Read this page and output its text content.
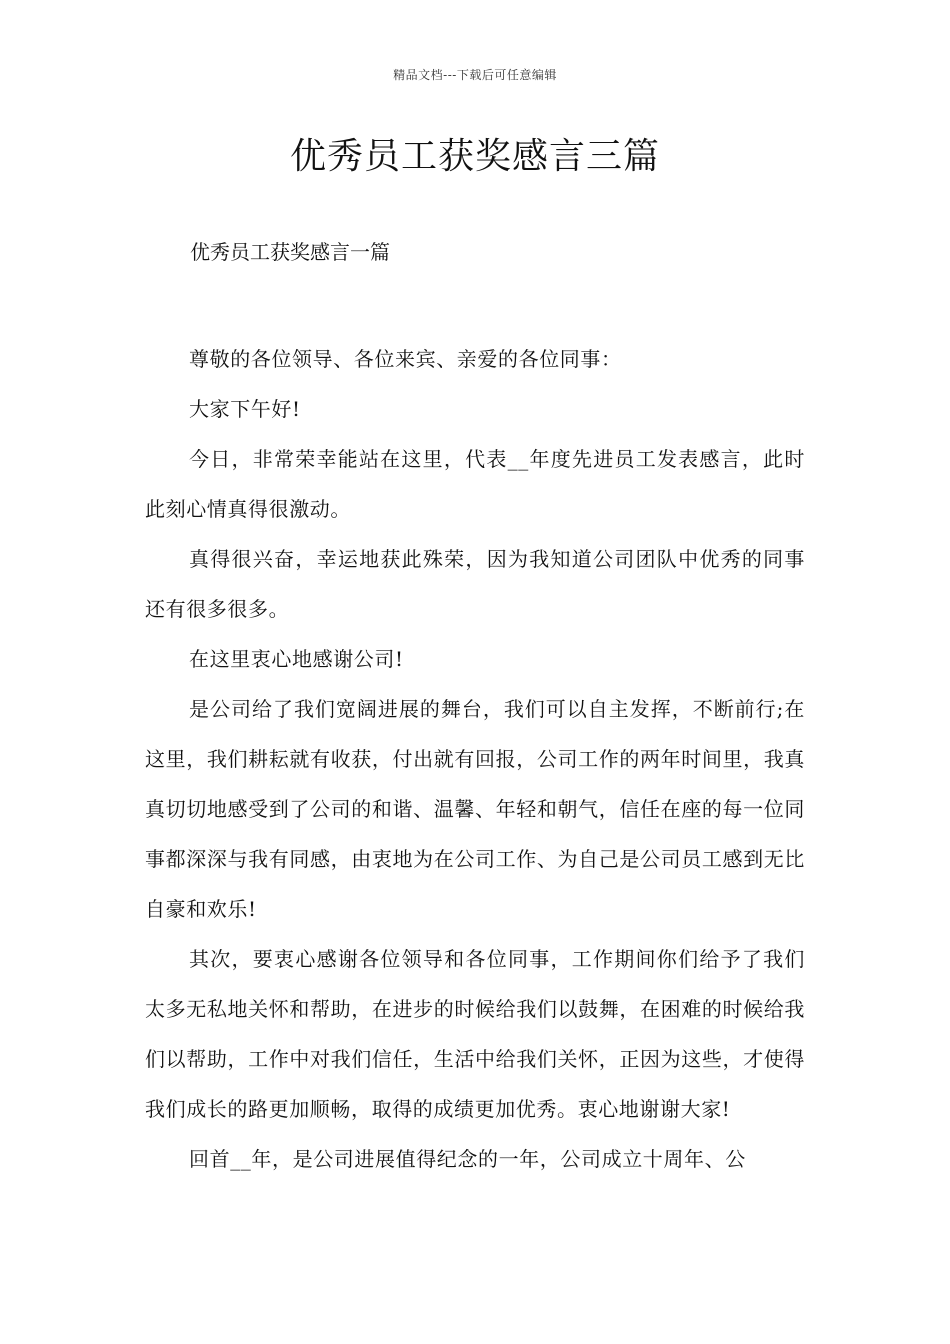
精品文档---下载后可任意编辑
优秀员工获奖感言三篇

优秀员工获奖感言一篇

尊敬的各位领导、各位来宾、亲爱的各位同事：

大家下午好!

今日，非常荣幸能站在这里，代表__年度先进员工发表感言，此时此刻心情真得很激动。

真得很兴奋，幸运地获此殊荣，因为我知道公司团队中优秀的同事还有很多很多。

在这里衷心地感谢公司!

是公司给了我们宽阔进展的舞台，我们可以自主发挥，不断前行;在这里，我们耕耘就有收获，付出就有回报，公司工作的两年时间里，我真真切切地感受到了公司的和谐、温馨、年轻和朝气，信任在座的每一位同事都深深与我有同感，由衷地为在公司工作、为自己是公司员工感到无比自豪和欢乐!

其次，要衷心感谢各位领导和各位同事，工作期间你们给予了我们太多无私地关怀和帮助，在进步的时候给我们以鼓舞，在困难的时候给我们以帮助，工作中对我们信任，生活中给我们关怀，正因为这些，才使得我们成长的路更加顺畅，取得的成绩更加优秀。衷心地谢谢大家!

回首__年，是公司进展值得纪念的一年，公司成立十周年、公
